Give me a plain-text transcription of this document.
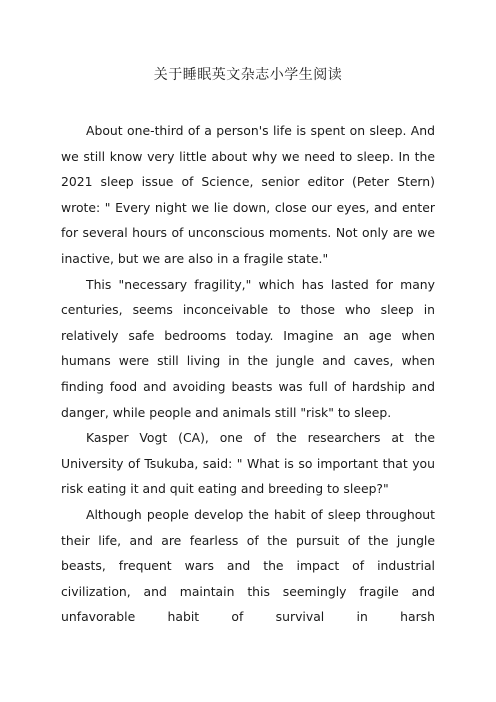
关于睡眠英文杂志小学生阅读

About one-third of a person's life is spent on sleep. And we still know very little about why we need to sleep. In the 2021 sleep issue of Science, senior editor (Peter Stern) wrote: " Every night we lie down, close our eyes, and enter for several hours of unconscious moments. Not only are we inactive, but we are also in a fragile state."

This "necessary fragility," which has lasted for many centuries, seems inconceivable to those who sleep in relatively safe bedrooms today. Imagine an age when humans were still living in the jungle and caves, when finding food and avoiding beasts was full of hardship and danger, while people and animals still "risk" to sleep.

Kasper Vogt (CA), one of the researchers at the University of Tsukuba, said: " What is so important that you risk eating it and quit eating and breeding to sleep?"

Although people develop the habit of sleep throughout their life, and are fearless of the pursuit of the jungle beasts, frequent wars and the impact of industrial civilization, and maintain this seemingly fragile and unfavorable habit of survival in harsh
